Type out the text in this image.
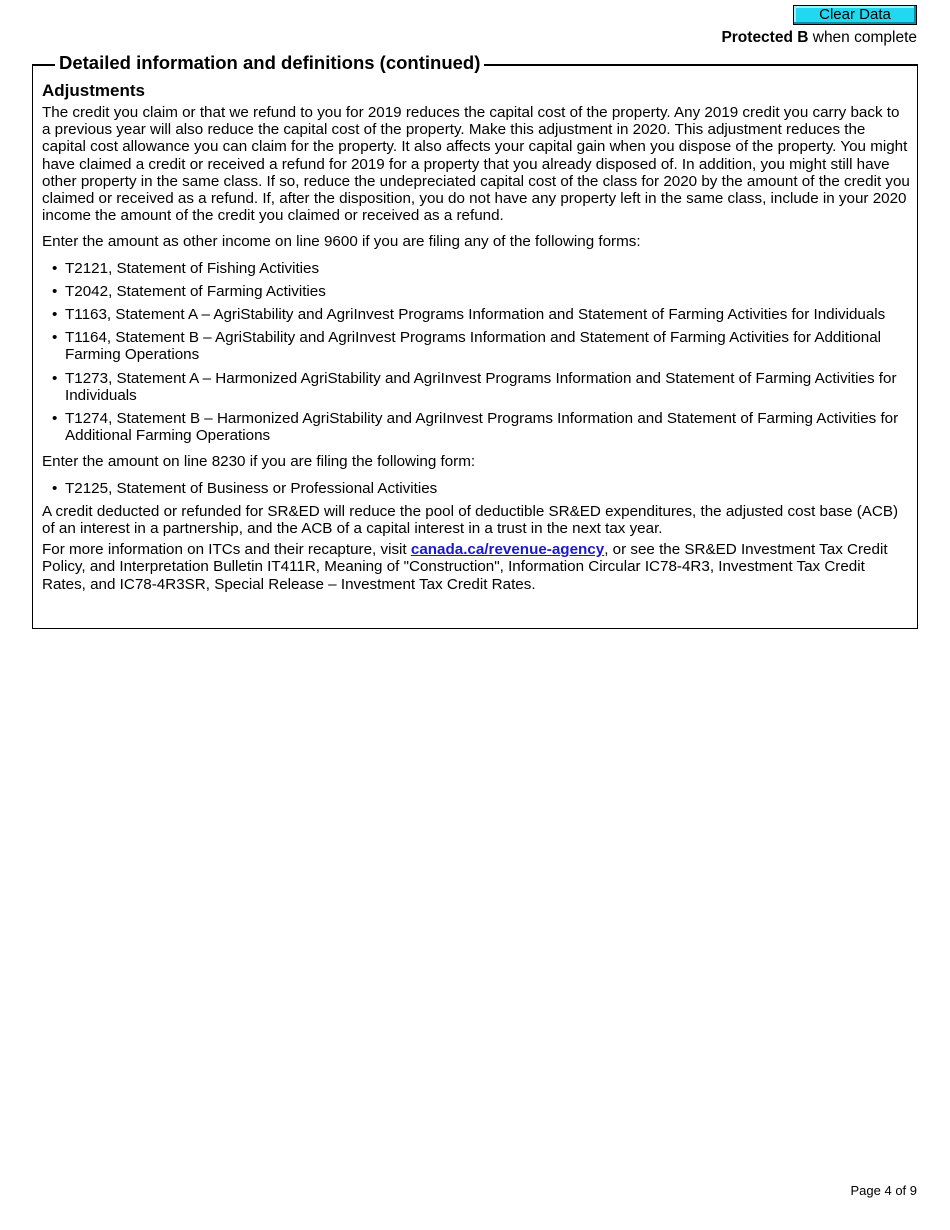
Clear Data
Protected B when complete
Detailed information and definitions (continued)
Adjustments

The credit you claim or that we refund to you for 2019 reduces the capital cost of the property. Any 2019 credit you carry back to a previous year will also reduce the capital cost of the property. Make this adjustment in 2020. This adjustment reduces the capital cost allowance you can claim for the property. It also affects your capital gain when you dispose of the property. You might have claimed a credit or received a refund for 2019 for a property that you already disposed of. In addition, you might still have other property in the same class. If so, reduce the undepreciated capital cost of the class for 2020 by the amount of the credit you claimed or received as a refund. If, after the disposition, you do not have any property left in the same class, include in your 2020 income the amount of the credit you claimed or received as a refund.

Enter the amount as other income on line 9600 if you are filing any of the following forms:

• T2121, Statement of Fishing Activities
• T2042, Statement of Farming Activities
• T1163, Statement A – AgriStability and AgriInvest Programs Information and Statement of Farming Activities for Individuals
• T1164, Statement B – AgriStability and AgriInvest Programs Information and Statement of Farming Activities for Additional Farming Operations
• T1273, Statement A – Harmonized AgriStability and AgriInvest Programs Information and Statement of Farming Activities for Individuals
• T1274, Statement B – Harmonized AgriStability and AgriInvest Programs Information and Statement of Farming Activities for Additional Farming Operations

Enter the amount on line 8230 if you are filing the following form:

• T2125, Statement of Business or Professional Activities

A credit deducted or refunded for SR&ED will reduce the pool of deductible SR&ED expenditures, the adjusted cost base (ACB) of an interest in a partnership, and the ACB of a capital interest in a trust in the next tax year.

For more information on ITCs and their recapture, visit canada.ca/revenue-agency, or see the SR&ED Investment Tax Credit Policy, and Interpretation Bulletin IT411R, Meaning of "Construction", Information Circular IC78-4R3, Investment Tax Credit Rates, and IC78-4R3SR, Special Release – Investment Tax Credit Rates.

Page 4 of 9
